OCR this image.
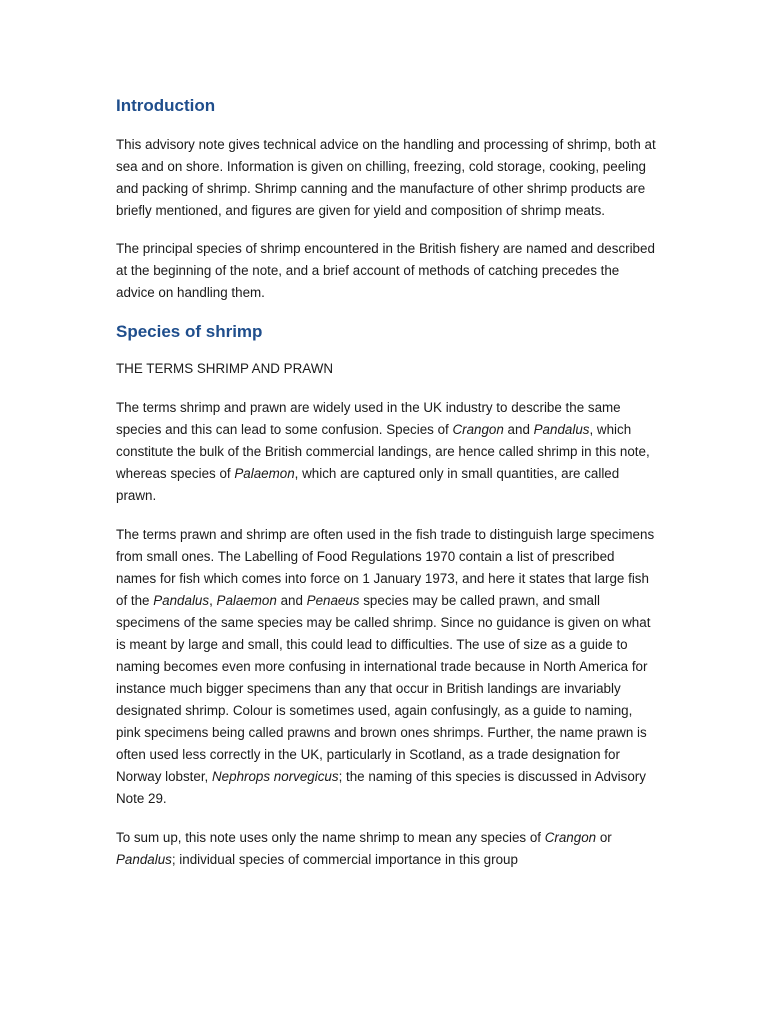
Introduction

This advisory note gives technical advice on the handling and processing of shrimp, both at sea and on shore. Information is given on chilling, freezing, cold storage, cooking, peeling and packing of shrimp. Shrimp canning and the manufacture of other shrimp products are briefly mentioned, and figures are given for yield and composition of shrimp meats.

The principal species of shrimp encountered in the British fishery are named and described at the beginning of the note, and a brief account of methods of catching precedes the advice on handling them.

Species of shrimp

THE TERMS SHRIMP AND PRAWN

The terms shrimp and prawn are widely used in the UK industry to describe the same species and this can lead to some confusion. Species of Crangon and Pandalus, which constitute the bulk of the British commercial landings, are hence called shrimp in this note, whereas species of Palaemon, which are captured only in small quantities, are called prawn.

The terms prawn and shrimp are often used in the fish trade to distinguish large specimens from small ones. The Labelling of Food Regulations 1970 contain a list of prescribed names for fish which comes into force on 1 January 1973, and here it states that large fish of the Pandalus, Palaemon and Penaeus species may be called prawn, and small specimens of the same species may be called shrimp. Since no guidance is given on what is meant by large and small, this could lead to difficulties. The use of size as a guide to naming becomes even more confusing in international trade because in North America for instance much bigger specimens than any that occur in British landings are invariably designated shrimp. Colour is sometimes used, again confusingly, as a guide to naming, pink specimens being called prawns and brown ones shrimps. Further, the name prawn is often used less correctly in the UK, particularly in Scotland, as a trade designation for Norway lobster, Nephrops norvegicus; the naming of this species is discussed in Advisory Note 29.

To sum up, this note uses only the name shrimp to mean any species of Crangon or Pandalus; individual species of commercial importance in this group
